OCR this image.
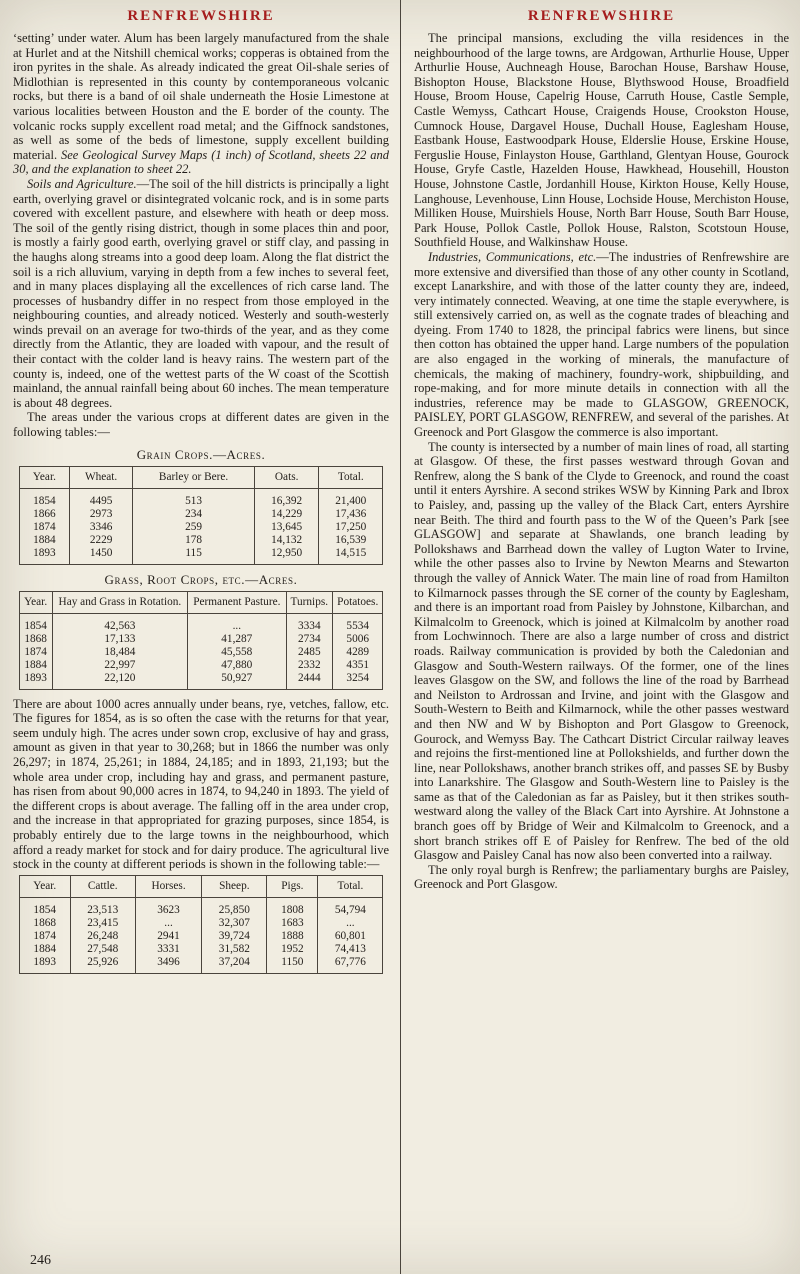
RENFREWSHIRE

‘setting’ under water. Alum has been largely manufactured from the shale at Hurlet and at the Nitshill chemical works; copperas is obtained from the iron pyrites in the shale. As already indicated the great Oil-shale series of Midlothian is represented in this county by contemporaneous volcanic rocks, but there is a band of oil shale underneath the Hosie Limestone at various localities between Houston and the E border of the county. The volcanic rocks supply excellent road metal; and the Giffnock sandstones, as well as some of the beds of limestone, supply excellent building material. See Geological Survey Maps (1 inch) of Scotland, sheets 22 and 30, and the explanation to sheet 22.

Soils and Agriculture.—The soil of the hill districts is principally a light earth, overlying gravel or disintegrated volcanic rock, and is in some parts covered with excellent pasture, and elsewhere with heath or deep moss. The soil of the gently rising district, though in some places thin and poor, is mostly a fairly good earth, overlying gravel or stiff clay, and passing in the haughs along streams into a good deep loam. Along the flat district the soil is a rich alluvium, varying in depth from a few inches to several feet, and in many places displaying all the excellences of rich carse land. The processes of husbandry differ in no respect from those employed in the neighbouring counties, and already noticed. Westerly and south-westerly winds prevail on an average for two-thirds of the year, and as they come directly from the Atlantic, they are loaded with vapour, and the result of their contact with the colder land is heavy rains. The western part of the county is, indeed, one of the wettest parts of the W coast of the Scottish mainland, the annual rainfall being about 60 inches. The mean temperature is about 48 degrees.

The areas under the various crops at different dates are given in the following tables:—

Grain Crops.—Acres.
Year.	Wheat.	Barley or Bere.	Oats.	Total.
1854	4495	513	16,392	21,400
1866	2973	234	14,229	17,436
1874	3346	259	13,645	17,250
1884	2229	178	14,132	16,539
1893	1450	115	12,950	14,515
Grass, Root Crops, etc.—Acres.
Year.	Hay and Grass in Rotation.	Permanent Pasture.	Turnips.	Potatoes.
1854	42,563	...	3334	5534
1868	17,133	41,287	2734	5006
1874	18,484	45,558	2485	4289
1884	22,997	47,880	2332	4351
1893	22,120	50,927	2444	3254

There are about 1000 acres annually under beans, rye, vetches, fallow, etc. The figures for 1854, as is so often the case with the returns for that year, seem unduly high. The acres under sown crop, exclusive of hay and grass, amount as given in that year to 30,268; but in 1866 the number was only 26,297; in 1874, 25,261; in 1884, 24,185; and in 1893, 21,193; but the whole area under crop, including hay and grass, and permanent pasture, has risen from about 90,000 acres in 1874, to 94,240 in 1893. The yield of the different crops is about average. The falling off in the area under crop, and the increase in that appropriated for grazing purposes, since 1854, is probably entirely due to the large towns in the neighbourhood, which afford a ready market for stock and for dairy produce. The agricultural live stock in the county at different periods is shown in the following table:—

Year.	Cattle.	Horses.	Sheep.	Pigs.	Total.
1854	23,513	3623	25,850	1808	54,794
1868	23,415	...	32,307	1683	...
1874	26,248	2941	39,724	1888	60,801
1884	27,548	3331	31,582	1952	74,413
1893	25,926	3496	37,204	1150	67,776
RENFREWSHIRE

The principal mansions, excluding the villa residences in the neighbourhood of the large towns, are Ardgowan, Arthurlie House, Upper Arthurlie House, Auchneagh House, Barochan House, Barshaw House, Bishopton House, Blackstone House, Blythswood House, Broadfield House, Broom House, Capelrig House, Carruth House, Castle Semple, Castle Wemyss, Cathcart House, Craigends House, Crookston House, Cumnock House, Dargavel House, Duchall House, Eaglesham House, Eastbank House, Eastwoodpark House, Elderslie House, Erskine House, Ferguslie House, Finlayston House, Garthland, Glentyan House, Gourock House, Gryfe Castle, Hazelden House, Hawkhead, Househill, Houston House, Johnstone Castle, Jordanhill House, Kirkton House, Kelly House, Langhouse, Levenhouse, Linn House, Lochside House, Merchiston House, Milliken House, Muirshiels House, North Barr House, South Barr House, Park House, Pollok Castle, Pollok House, Ralston, Scotstoun House, Southfield House, and Walkinshaw House.

Industries, Communications, etc.—The industries of Renfrewshire are more extensive and diversified than those of any other county in Scotland, except Lanarkshire, and with those of the latter county they are, indeed, very intimately connected. Weaving, at one time the staple everywhere, is still extensively carried on, as well as the cognate trades of bleaching and dyeing. From 1740 to 1828, the principal fabrics were linens, but since then cotton has obtained the upper hand. Large numbers of the population are also engaged in the working of minerals, the manufacture of chemicals, the making of machinery, foundry-work, shipbuilding, and rope-making, and for more minute details in connection with all the industries, reference may be made to GLASGOW, GREENOCK, PAISLEY, PORT GLASGOW, RENFREW, and several of the parishes. At Greenock and Port Glasgow the commerce is also important.

The county is intersected by a number of main lines of road, all starting at Glasgow. Of these, the first passes westward through Govan and Renfrew, along the S bank of the Clyde to Greenock, and round the coast until it enters Ayrshire. A second strikes WSW by Kinning Park and Ibrox to Paisley, and, passing up the valley of the Black Cart, enters Ayrshire near Beith. The third and fourth pass to the W of the Queen’s Park [see GLASGOW] and separate at Shawlands, one branch leading by Pollokshaws and Barrhead down the valley of Lugton Water to Irvine, while the other passes also to Irvine by Newton Mearns and Stewarton through the valley of Annick Water. The main line of road from Hamilton to Kilmarnock passes through the SE corner of the county by Eaglesham, and there is an important road from Paisley by Johnstone, Kilbarchan, and Kilmalcolm to Greenock, which is joined at Kilmalcolm by another road from Lochwinnoch. There are also a large number of cross and district roads. Railway communication is provided by both the Caledonian and Glasgow and South-Western railways. Of the former, one of the lines leaves Glasgow on the SW, and follows the line of the road by Barrhead and Neilston to Ardrossan and Irvine, and joint with the Glasgow and South-Western to Beith and Kilmarnock, while the other passes westward and then NW and W by Bishopton and Port Glasgow to Greenock, Gourock, and Wemyss Bay. The Cathcart District Circular railway leaves and rejoins the first-mentioned line at Pollokshields, and further down the line, near Pollokshaws, another branch strikes off, and passes SE by Busby into Lanarkshire. The Glasgow and South-Western line to Paisley is the same as that of the Caledonian as far as Paisley, but it then strikes south-westward along the valley of the Black Cart into Ayrshire. At Johnstone a branch goes off by Bridge of Weir and Kilmalcolm to Greenock, and a short branch strikes off E of Paisley for Renfrew. The bed of the old Glasgow and Paisley Canal has now also been converted into a railway.

The only royal burgh is Renfrew; the parliamentary burghs are Paisley, Greenock and Port Glasgow.

246
